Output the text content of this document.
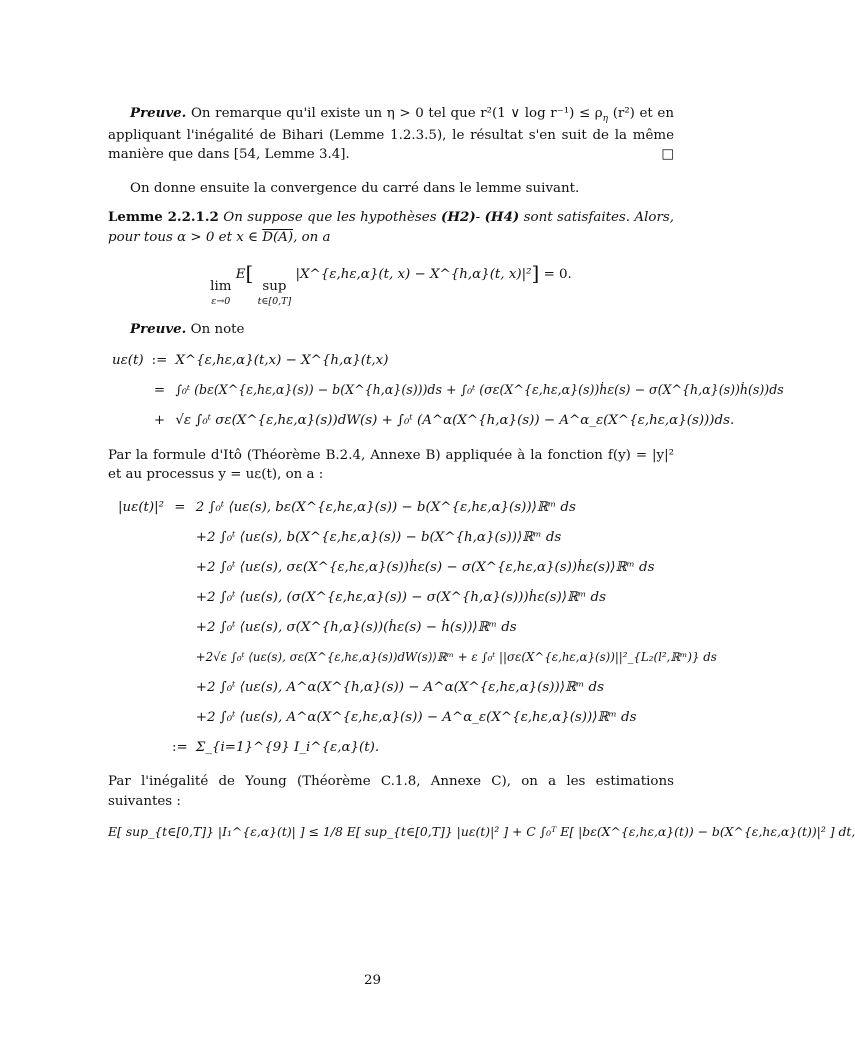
Preuve. On remarque qu'il existe un η > 0 tel que r²(1 ∨ $\log r^{-1}) \le \rho_\eta$ (r²) et en appliquant l'inégalité de Bihari (Lemme 1.2.3.5), le résultat s'en suit de la même manière que dans [54, Lemme 3.4].	□

On donne ensuite la convergence du carré dans le lemme suivant.

Lemme 2.2.1.2 On suppose que les hypothèses (H2)- (H4) sont satisfaites. Alors, pour tous α > 0 et x ∈ D(A), on a

lim
ε→0
E[
sup
t∈[0,T]
|X^{ε,hε,α}(t, x) − X^{h,α}(t, x)|²] = 0.

Preuve. On note

uε(t)	:=	X^{ε,hε,α}(t,x) − X^{h,α}(t,x)
	=	∫₀ᵗ (bε(X^{ε,hε,α}(s)) − b(X^{h,α}(s)))ds + ∫₀ᵗ (σε(X^{ε,hε,α}(s))ḣε(s) − σ(X^{h,α}(s))ḣ(s))ds
	+	√ε ∫₀ᵗ σε(X^{ε,hε,α}(s))dW(s) + ∫₀ᵗ (A^α(X^{h,α}(s)) − A^α_ε(X^{ε,hε,α}(s)))ds.

Par la formule d'Itô (Théorème B.2.4, Annexe B) appliquée à la fonction f(y) = |y|² et au processus y = uε(t), on a :

|uε(t)|²	=	2 ∫₀ᵗ ⟨uε(s), bε(X^{ε,hε,α}(s)) − b(X^{ε,hε,α}(s))⟩ℝᵐ ds
		+2 ∫₀ᵗ ⟨uε(s), b(X^{ε,hε,α}(s)) − b(X^{h,α}(s))⟩ℝᵐ ds
		+2 ∫₀ᵗ ⟨uε(s), σε(X^{ε,hε,α}(s))ḣε(s) − σ(X^{ε,hε,α}(s))ḣε(s)⟩ℝᵐ ds
		+2 ∫₀ᵗ ⟨uε(s), (σ(X^{ε,hε,α}(s)) − σ(X^{h,α}(s)))ḣε(s)⟩ℝᵐ ds
		+2 ∫₀ᵗ ⟨uε(s), σ(X^{h,α}(s))(ḣε(s) − ḣ(s))⟩ℝᵐ ds
		+2√ε ∫₀ᵗ ⟨uε(s), σε(X^{ε,hε,α}(s))dW(s)⟩ℝᵐ + ε ∫₀ᵗ ||σε(X^{ε,hε,α}(s))||²_{L₂(l²,ℝᵐ)} ds
		+2 ∫₀ᵗ ⟨uε(s), A^α(X^{h,α}(s)) − A^α(X^{ε,hε,α}(s))⟩ℝᵐ ds
		+2 ∫₀ᵗ ⟨uε(s), A^α(X^{ε,hε,α}(s)) − A^α_ε(X^{ε,hε,α}(s))⟩ℝᵐ ds
	:=	Σ_{i=1}^{9} I_i^{ε,α}(t).

Par l'inégalité de Young (Théorème C.1.8, Annexe C), on a les estimations suivantes :

E[ sup_{t∈[0,T]} |I₁^{ε,α}(t)| ] ≤ 1/8 E[ sup_{t∈[0,T]} |uε(t)|² ] + C ∫₀ᵀ E[ |bε(X^{ε,hε,α}(t)) − b(X^{ε,hε,α}(t))|² ] dt,
29
